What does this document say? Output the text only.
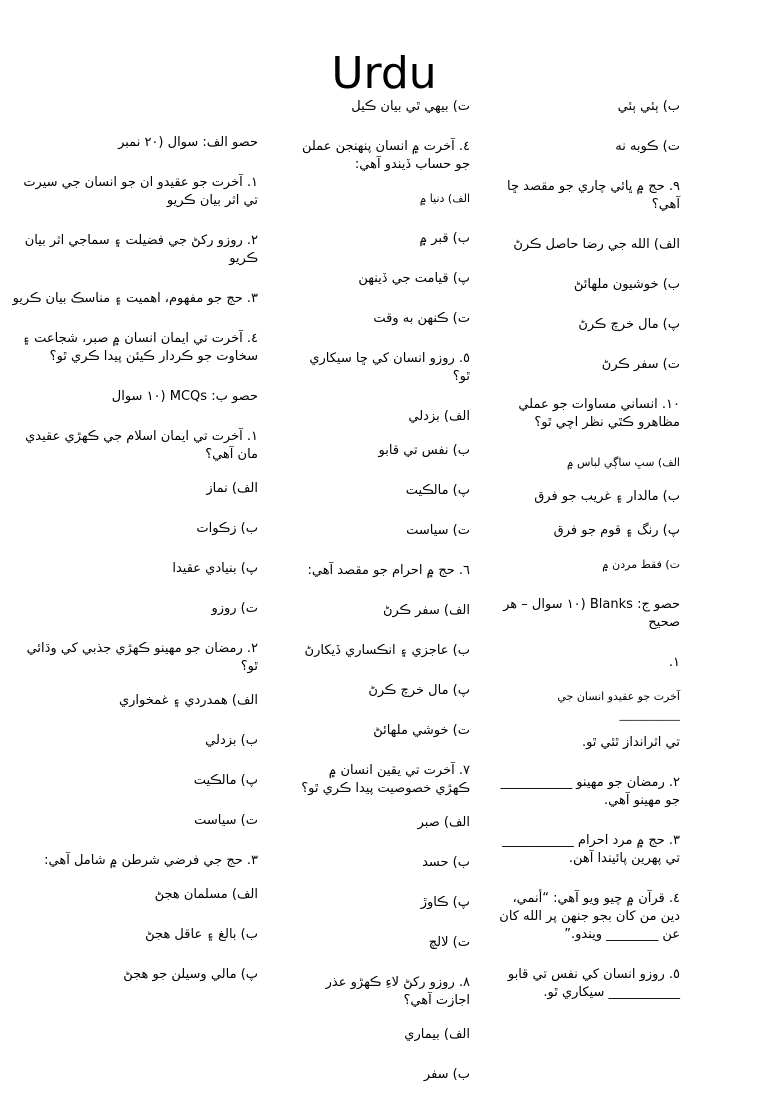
Urdu

ب) ٻئي ٻئي

ت) ڪوبه نه

٩. حج ۾ ڀائي چاري جو مقصد ڇا آهي؟

الف) الله جي رضا حاصل ڪرڻ

ب) خوشيون ملهائڻ

پ) مال خرچ ڪرڻ

ت) سفر ڪرڻ

١٠. انساني مساوات جو عملي مظاهرو ڪٿي نظر اچي ٿو؟

الف) سڀ ساڳي لباس ۾

ب) مالدار ۽ غريب جو فرق

پ) رنگ ۽ قوم جو فرق

ت) فقط مردن ۾

حصو ج: Blanks (١٠ سوال – هر صحيح

١.

آخرت جو عقيدو انسان جي ___________

تي اثرانداز ٿئي ٿو.

٢. رمضان جو مهينو ___________ جو مهينو آهي.

٣. حج ۾ مرد احرام ___________ تي پهرين پائيندا آهن.

٤. قرآن ۾ چيو ويو آهي: “أنمي، دين من کان بجو جنهن پر الله کان عن ________ ويندو.”

٥. روزو انسان کي نفس تي قابو ___________ سيکاري ٿو.

ت) بيهي ٿي بيان ڪيل

٤. آخرت ۾ انسان پنهنجن عملن جو حساب ڏيندو آهي:

الف) دنيا ۾

ب) قبر ۾

پ) قيامت جي ڏينهن

ت) ڪنهن به وقت

٥. روزو انسان کي ڇا سيکاري ٿو؟

الف) بزدلي

ب) نفس تي قابو

پ) مالڪيت

ت) سياست

٦. حج ۾ احرام جو مقصد آهي:

الف) سفر ڪرڻ

ب) عاجزي ۽ انڪساري ڏيکارڻ

پ) مال خرچ ڪرڻ

ت) خوشي ملهائڻ

٧. آخرت تي يقين انسان ۾ ڪهڙي خصوصيت پيدا ڪري ٿو؟

الف) صبر

ب) حسد

پ) ڪاوڙ

ت) لالچ

٨. روزو رکڻ لاءِ ڪهڙو عذر اجازت آهي؟

الف) بيماري

ب) سفر

حصو الف: سوال (٢٠ نمبر

١. آخرت جو عقيدو ان جو انسان جي سيرت تي اثر بيان ڪريو

٢. روزو رکڻ جي فضيلت ۽ سماجي اثر بيان ڪريو

٣. حج جو مفهوم، اهميت ۽ مناسڪ بيان ڪريو

٤. آخرت تي ايمان انسان ۾ صبر، شجاعت ۽ سخاوت جو ڪردار ڪيئن پيدا ڪري ٿو؟

حصو ب: MCQs (١٠ سوال

١. آخرت تي ايمان اسلام جي ڪهڙي عقيدي مان آهي؟

الف) نماز

ب) زڪوات

پ) بنيادي عقيدا

ت) روزو

٢. رمضان جو مهينو ڪهڙي جذبي کي وڌائي ٿو؟

الف) همدردي ۽ غمخواري

ب) بزدلي

پ) مالڪيت

ت) سياست

٣. حج جي فرضي شرطن ۾ شامل آهي:

الف) مسلمان هجڻ

ب) بالغ ۽ عاقل هجڻ

پ) مالي وسيلن جو هجڻ
